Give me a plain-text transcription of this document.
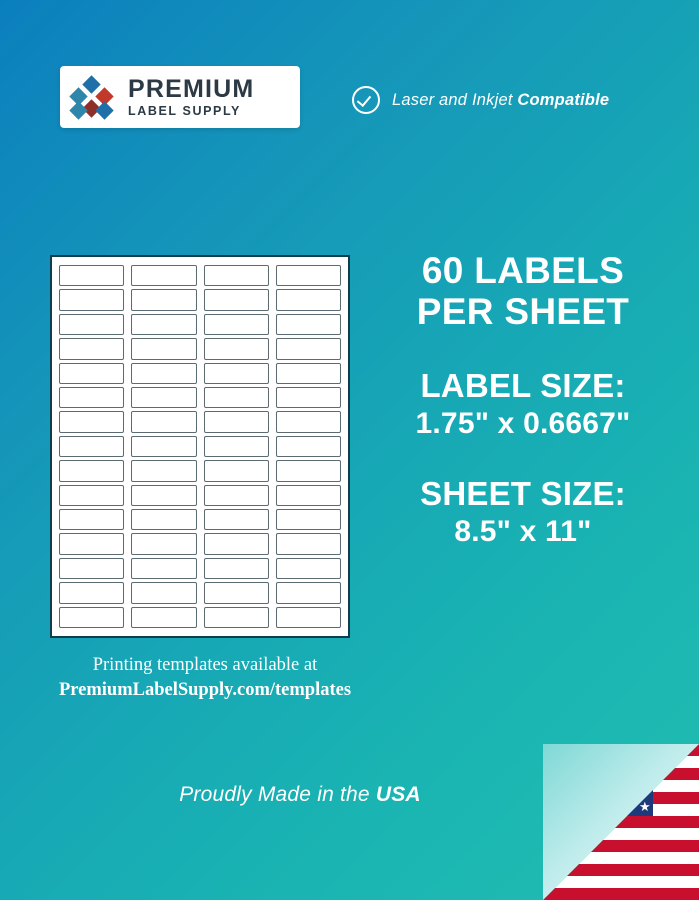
PREMIUM
LABEL SUPPLY
Laser and Inkjet Compatible
60 LABELS
PER SHEET
LABEL SIZE:
1.75" x 0.6667"
SHEET SIZE:
8.5" x 11"
Printing templates available at
PremiumLabelSupply.com/templates
Proudly Made in the USA
★
